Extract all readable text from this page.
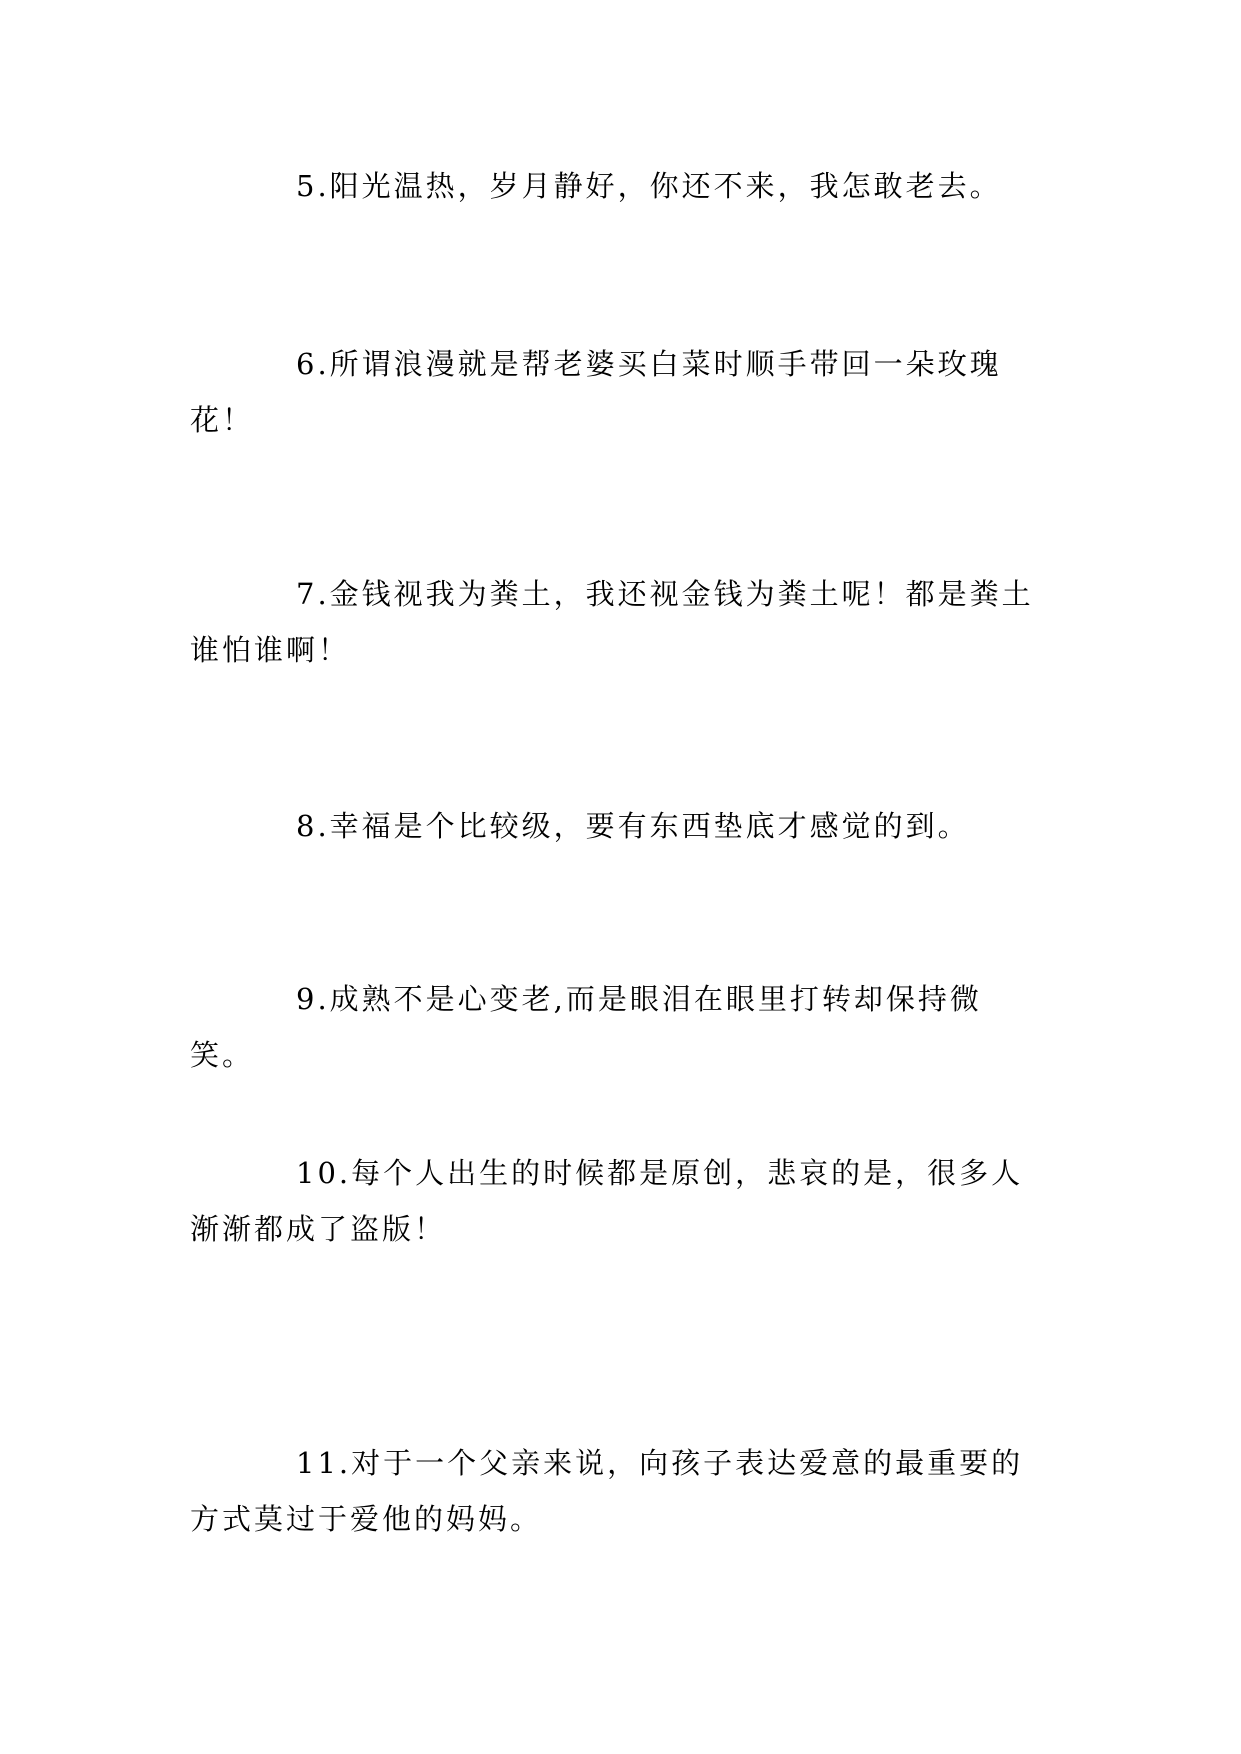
5.阳光温热，岁月静好，你还不来，我怎敢老去。

6.所谓浪漫就是帮老婆买白菜时顺手带回一朵玫瑰花！

7.金钱视我为粪土，我还视金钱为粪土呢！都是粪土谁怕谁啊！

8.幸福是个比较级，要有东西垫底才感觉的到。

9.成熟不是心变老,而是眼泪在眼里打转却保持微笑。

10.每个人出生的时候都是原创，悲哀的是，很多人渐渐都成了盗版！

11.对于一个父亲来说，向孩子表达爱意的最重要的方式莫过于爱他的妈妈。
